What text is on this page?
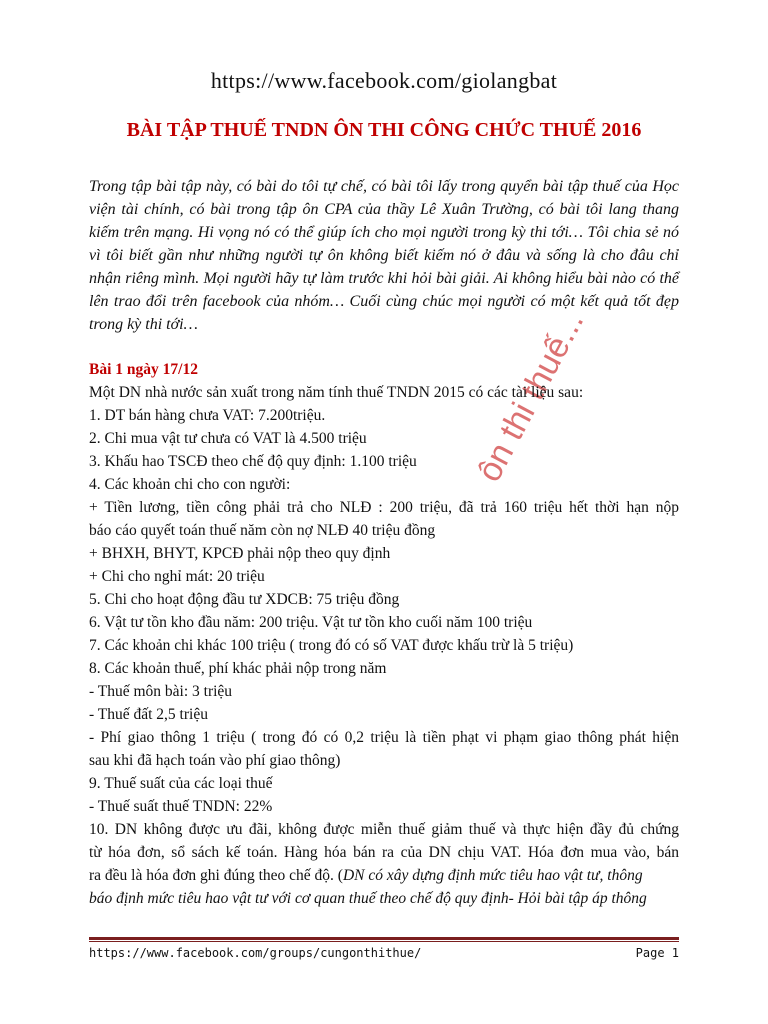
https://www.facebook.com/giolangbat
BÀI TẬP THUẾ TNDN ÔN THI CÔNG CHỨC THUẾ 2016
Trong tập bài tập này, có bài do tôi tự chế, có bài tôi lấy trong quyển bài tập thuế của Học viện tài chính, có bài trong tập ôn CPA của thầy Lê Xuân Trường, có bài tôi lang thang kiếm trên mạng. Hi vọng nó có thể giúp ích cho mọi người trong kỳ thi tới… Tôi chia sẻ nó vì tôi biết gần như những người tự ôn không biết kiếm nó ở đâu và sống là cho đâu chỉ nhận riêng mình. Mọi người hãy tự làm trước khi hỏi bài giải. Ai không hiểu bài nào có thể lên trao đổi trên facebook của nhóm… Cuối cùng chúc mọi người có một kết quả tốt đẹp trong kỳ thi tới…	ôn thi thuế...
Bài 1 ngày 17/12
Một DN nhà nước sản xuất trong năm tính thuế TNDN 2015 có các tài liệu sau:
1. DT bán hàng chưa VAT: 7.200triệu.
2. Chi mua vật tư chưa có VAT là 4.500 triệu
3. Khấu hao TSCĐ theo chế độ quy định: 1.100 triệu
4. Các khoản chi cho con người:
+ Tiền lương, tiền công phải trả cho NLĐ : 200 triệu, đã trả 160 triệu hết thời hạn nộp
báo cáo quyết toán thuế năm còn nợ NLĐ 40 triệu đồng
+ BHXH, BHYT, KPCĐ phải nộp theo quy định
+ Chi cho nghỉ mát: 20 triệu
5. Chi cho hoạt động đầu tư XDCB: 75 triệu đồng
6. Vật tư tồn kho đầu năm: 200 triệu. Vật tư tồn kho cuối năm 100 triệu
7. Các khoản chi khác 100 triệu ( trong đó có số VAT được khấu trừ là 5 triệu)
8. Các khoản thuế, phí khác phải nộp trong năm
- Thuế môn bài: 3 triệu
- Thuế đất 2,5 triệu
- Phí giao thông 1 triệu ( trong đó có 0,2 triệu là tiền phạt vi phạm giao thông phát hiện
sau khi đã hạch toán vào phí giao thông)
9. Thuế suất của các loại thuế
- Thuế suất thuế TNDN: 22%
10. DN không được ưu đãi, không được miễn thuế giảm thuế và thực hiện đầy đủ chứng
từ hóa đơn, sổ sách kế toán. Hàng hóa bán ra của DN chịu VAT. Hóa đơn mua vào, bán
ra đều là hóa đơn ghi đúng theo chế độ. (DN có xây dựng định mức tiêu hao vật tư, thông
báo định mức tiêu hao vật tư với cơ quan thuế theo chế độ quy định- Hỏi bài tập áp thông
https://www.facebook.com/groups/cungonthithue/	Page 1
